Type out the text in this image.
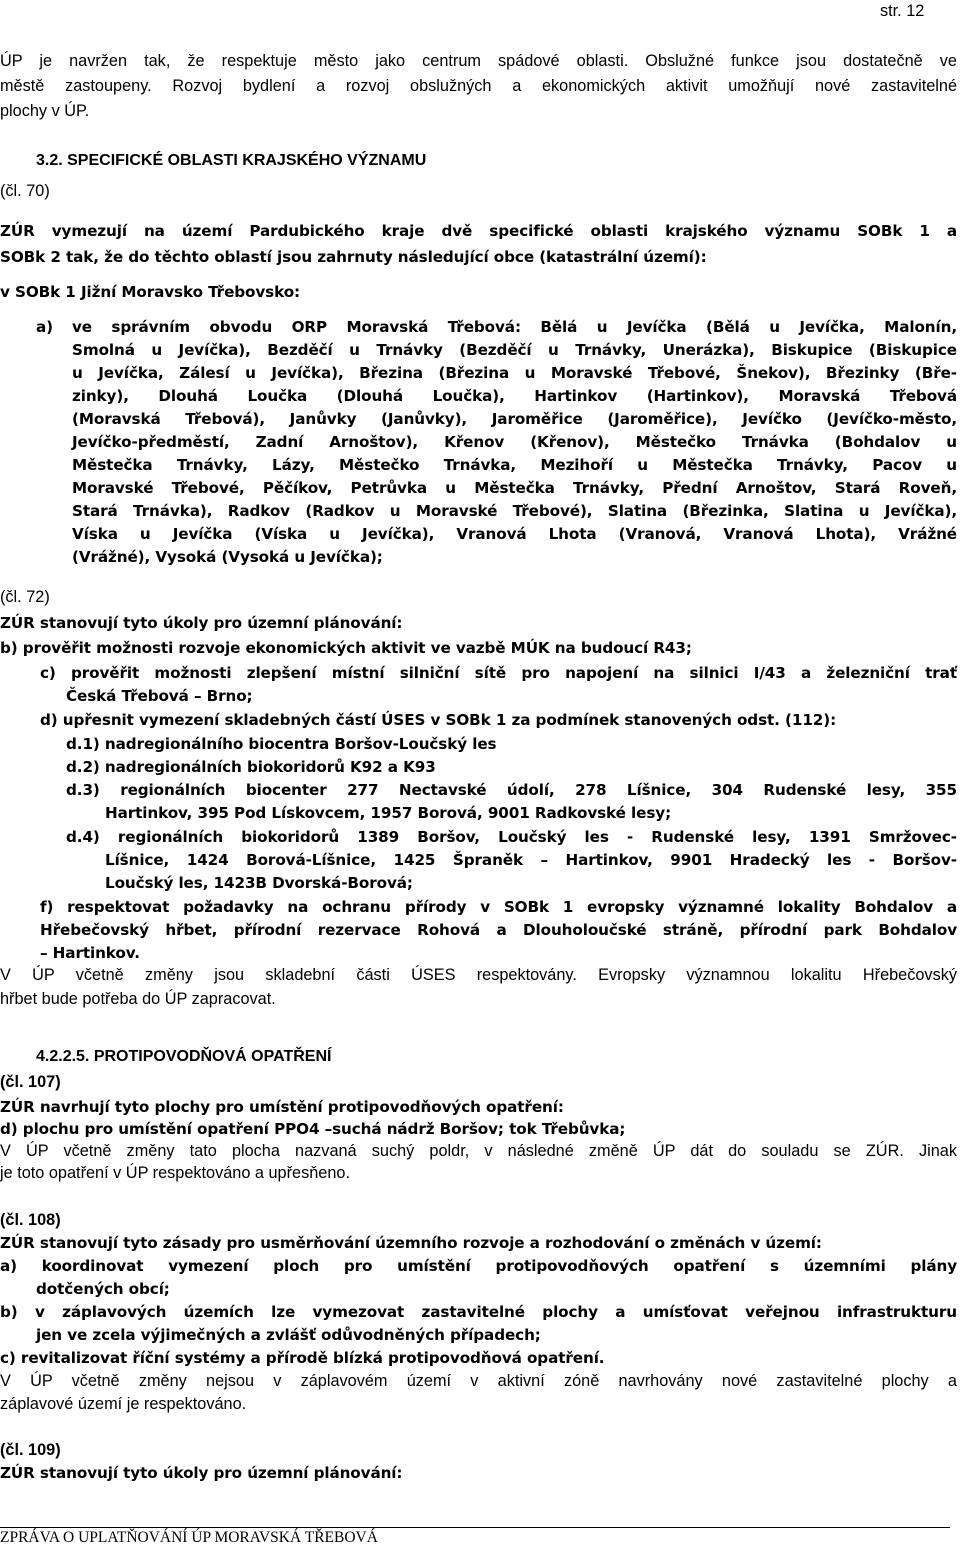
str. 12
ÚP je navržen tak, že respektuje město jako centrum spádové oblasti. Obslužné funkce jsou dostatečně ve
městě zastoupeny. Rozvoj bydlení a rozvoj obslužných a ekonomických aktivit umožňují nové zastavitelné
plochy v ÚP.
3.2. SPECIFICKÉ OBLASTI KRAJSKÉHO VÝZNAMU
(čl. 70)
ZÚR vymezují na území Pardubického kraje dvě specifické oblasti krajského významu SOBk 1 a
SOBk 2 tak, že do těchto oblastí jsou zahrnuty následující obce (katastrální území):
v SOBk 1 Jižní Moravsko Třebovsko:
a) ve správním obvodu ORP Moravská Třebová: Bělá u Jevíčka (Bělá u Jevíčka, Malonín,
Smolná u Jevíčka), Bezděčí u Trnávky (Bezděčí u Trnávky, Unerázka), Biskupice (Biskupice
u Jevíčka, Zálesí u Jevíčka), Březina (Březina u Moravské Třebové, Šnekov), Březinky (Bře-
zinky), Dlouhá Loučka (Dlouhá Loučka), Hartinkov (Hartinkov), Moravská Třebová
(Moravská Třebová), Janůvky (Janůvky), Jaroměřice (Jaroměřice), Jevíčko (Jevíčko-město,
Jevíčko-předměstí, Zadní Arnoštov), Křenov (Křenov), Městečko Trnávka (Bohdalov u
Městečka Trnávky, Lázy, Městečko Trnávka, Mezihoří u Městečka Trnávky, Pacov u
Moravské Třebové, Pěčíkov, Petrůvka u Městečka Trnávky, Přední Arnoštov, Stará Roveň,
Stará Trnávka), Radkov (Radkov u Moravské Třebové), Slatina (Březinka, Slatina u Jevíčka),
Víska u Jevíčka (Víska u Jevíčka), Vranová Lhota (Vranová, Vranová Lhota), Vrážné
(Vrážné), Vysoká (Vysoká u Jevíčka);
(čl. 72)
ZÚR stanovují tyto úkoly pro územní plánování:
b) prověřit možnosti rozvoje ekonomických aktivit ve vazbě MÚK na budoucí R43;
c) prověřit možnosti zlepšení místní silniční sítě pro napojení na silnici I/43 a železniční trať
Česká Třebová – Brno;
d) upřesnit vymezení skladebných částí ÚSES v SOBk 1 za podmínek stanovených odst. (112):
d.1) nadregionálního biocentra Boršov-Loučský les
d.2) nadregionálních biokoridorů K92 a K93
d.3) regionálních biocenter 277 Nectavské údolí, 278 Líšnice, 304 Rudenské lesy, 355
Hartinkov, 395 Pod Lískovcem, 1957 Borová, 9001 Radkovské lesy;
d.4) regionálních biokoridorů 1389 Boršov, Loučský les - Rudenské lesy, 1391 Smržovec-
Líšnice, 1424 Borová-Líšnice, 1425 Špraněk – Hartinkov, 9901 Hradecký les - Boršov-
Loučský les, 1423B Dvorská-Borová;
f) respektovat požadavky na ochranu přírody v SOBk 1 evropsky významné lokality Bohdalov a
Hřebečovský hřbet, přírodní rezervace Rohová a Dlouholoučské stráně, přírodní park Bohdalov
– Hartinkov.
V ÚP včetně změny jsou skladební části ÚSES respektovány. Evropsky významnou lokalitu Hřebečovský
hřbet bude potřeba do ÚP zapracovat.
4.2.2.5. PROTIPOVODŇOVÁ OPATŘENÍ
(čl. 107)
ZÚR navrhují tyto plochy pro umístění protipovodňových opatření:
d) plochu pro umístění opatření PPO4 –suchá nádrž Boršov; tok Třebůvka;
V ÚP včetně změny tato plocha nazvaná suchý poldr, v následné změně ÚP dát do souladu se ZÚR. Jinak
je toto opatření v ÚP respektováno a upřesňeno.
(čl. 108)
ZÚR stanovují tyto zásady pro usměrňování územního rozvoje a rozhodování o změnách v území:
a) koordinovat vymezení ploch pro umístění protipovodňových opatření s územními plány
dotčených obcí;
b) v záplavových územích lze vymezovat zastavitelné plochy a umísťovat veřejnou infrastrukturu
jen ve zcela výjimečných a zvlášť odůvodněných případech;
c) revitalizovat říční systémy a přírodě blízká protipovodňová opatření.
V ÚP včetně změny nejsou v záplavovém území v aktivní zóně navrhovány nové zastavitelné plochy a
záplavové území je respektováno.
(čl. 109)
ZÚR stanovují tyto úkoly pro územní plánování:
ZPRÁVA O UPLATŇOVÁNÍ ÚP MORAVSKÁ TŘEBOVÁ
